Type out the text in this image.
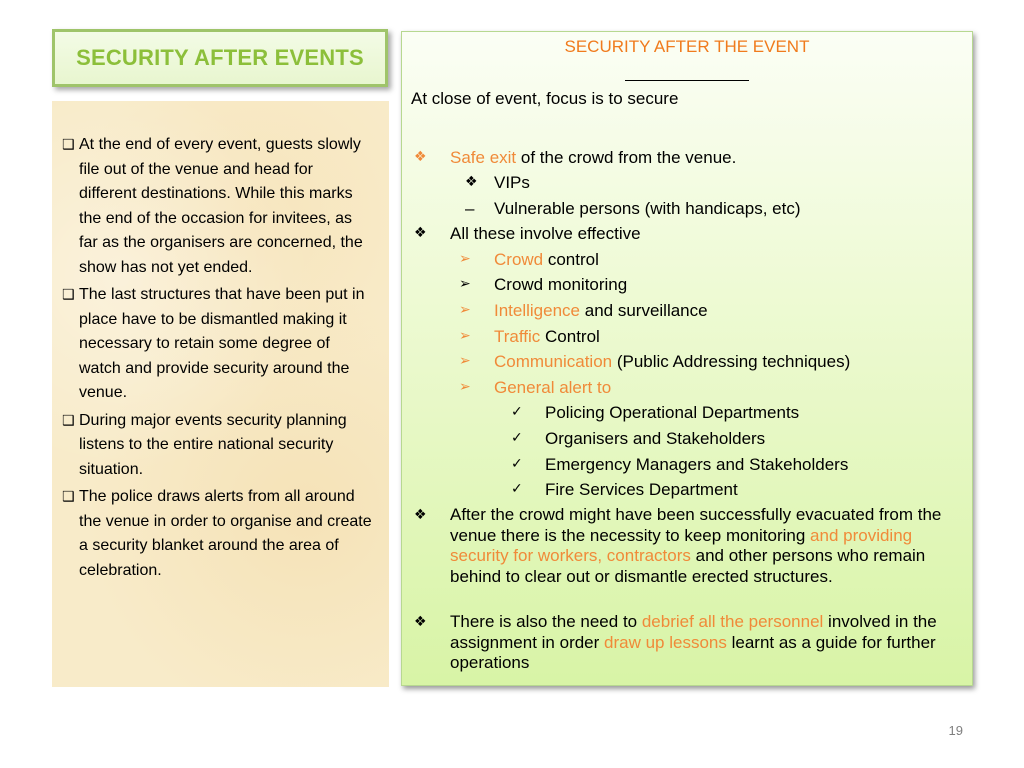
SECURITY AFTER EVENTS
❑ At the end of every event, guests slowly file out of the venue and head for different destinations. While this marks the end of the occasion for invitees, as far as the organisers are concerned, the show has not yet ended.
❑ The last structures that have been put in place have to be dismantled making it necessary to retain some degree of watch and provide security around the venue.
❑ During major events security planning listens to the entire national security situation.
❑ The police draws alerts from all around the venue in order to organise and create a security blanket around the area of celebration.
SECURITY AFTER THE EVENT
At close of event, focus is to secure
❖ Safe exit of the crowd from the venue.
❖ VIPs
– Vulnerable persons (with handicaps, etc)
❖ All these involve effective
➢ Crowd control
➢ Crowd monitoring
➢ Intelligence and surveillance
➢ Traffic Control
➢ Communication (Public Addressing techniques)
➢ General alert to
✓ Policing Operational Departments
✓ Organisers and Stakeholders
✓ Emergency Managers and Stakeholders
✓ Fire Services Department
❖ After the crowd might have been successfully evacuated from the venue there is the necessity to keep monitoring and providing security for workers, contractors and other persons who remain behind to clear out or dismantle erected structures.
❖ There is also the need to debrief all the personnel involved in the assignment in order draw up lessons learnt as a guide for further operations
19
